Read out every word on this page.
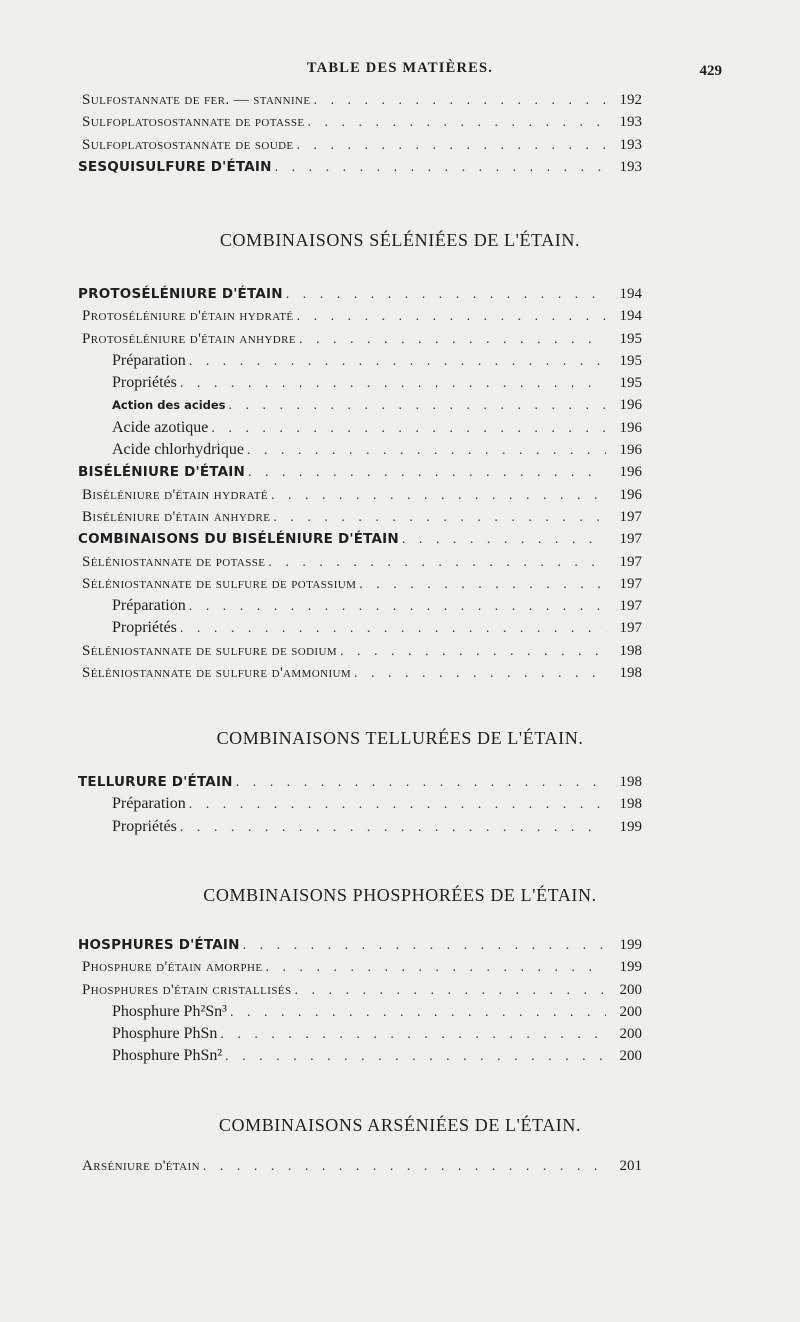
TABLE DES MATIÈRES.	429
Sulfostannate de fer. — stannine . . .	192
Sulfoplatosostannate de potasse . . .	193
Sulfoplatosostannate de soude . . .	193
SESQUISULFURE D'ÉTAIN . . .	193
COMBINAISONS SÉLÉNIÉES DE L'ÉTAIN.
PROTOSÉLÉNIURE D'ÉTAIN . . .	194
Protoséléniure d'étain hydraté . . .	194
Protoséléniure d'étain anhydre . . .	195
Préparation . . .	195
Propriétés . . .	195
Action des acides . . .	196
Acide azotique . . .	196
Acide chlorhydrique . . .	196
BISÉLÉNIURE D'ÉTAIN . . .	196
Biséléniure d'étain hydraté . . .	196
Biséléniure d'étain anhydre . . .	197
COMBINAISONS DU BISÉLÉNIURE D'ÉTAIN . . .	197
Séléniostannate de potasse . . .	197
Séléniostannate de sulfure de potassium . . .	197
Préparation . . .	197
Propriétés . . .	197
Séléniostannate de sulfure de sodium . . .	198
Séléniostannate de sulfure d'ammonium . . .	198
COMBINAISONS TELLURÉES DE L'ÉTAIN.
TELLURURE D'ÉTAIN . . .	198
Préparation . . .	198
Propriétés . . .	199
COMBINAISONS PHOSPHORÉES DE L'ÉTAIN.
HOSPHURES D'ÉTAIN . . .	199
Phosphure d'étain amorphe . . .	199
Phosphures d'étain cristallisés . . .	200
Phosphure Ph²Sn³ . . .	200
Phosphure PhSn . . .	200
Phosphure PhSn² . . .	200
COMBINAISONS ARSÉNIÉES DE L'ÉTAIN.
Arséniure d'étain . . .	201
